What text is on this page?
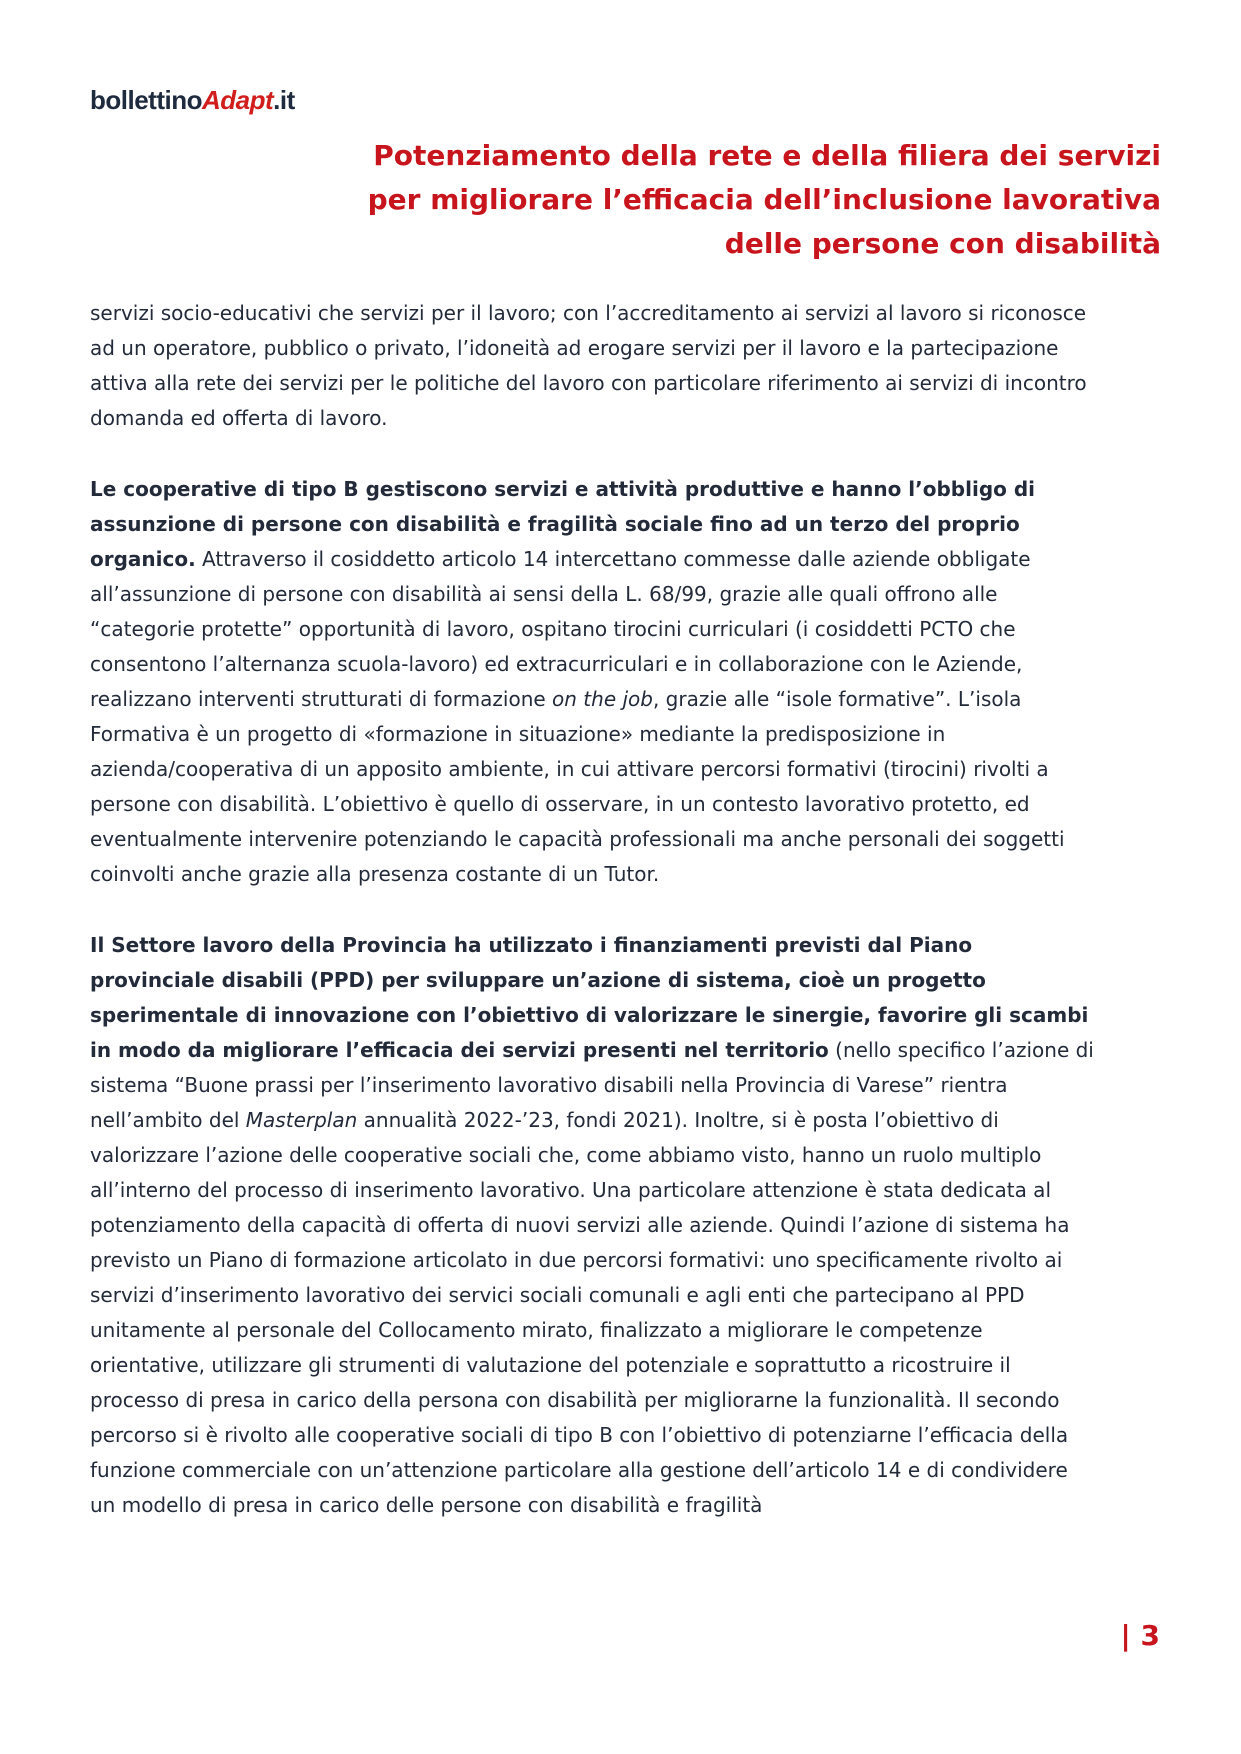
bollettinoAdapt.it
Potenziamento della rete e della filiera dei servizi
per migliorare l’efficacia dell’inclusione lavorativa
delle persone con disabilità

servizi socio-educativi che servizi per il lavoro; con l’accreditamento ai servizi al lavoro si riconosce
ad un operatore, pubblico o privato, l’idoneità ad erogare servizi per il lavoro e la partecipazione
attiva alla rete dei servizi per le politiche del lavoro con particolare riferimento ai servizi di incontro
domanda ed offerta di lavoro.

Le cooperative di tipo B gestiscono servizi e attività produttive e hanno l’obbligo di
assunzione di persone con disabilità e fragilità sociale fino ad un terzo del proprio
organico. Attraverso il cosiddetto articolo 14 intercettano commesse dalle aziende obbligate
all’assunzione di persone con disabilità ai sensi della L. 68/99, grazie alle quali offrono alle
“categorie protette” opportunità di lavoro, ospitano tirocini curriculari (i cosiddetti PCTO che
consentono l’alternanza scuola-lavoro) ed extracurriculari e in collaborazione con le Aziende,
realizzano interventi strutturati di formazione on the job, grazie alle “isole formative”. L’isola
Formativa è un progetto di «formazione in situazione» mediante la predisposizione in
azienda/cooperativa di un apposito ambiente, in cui attivare percorsi formativi (tirocini) rivolti a
persone con disabilità. L’obiettivo è quello di osservare, in un contesto lavorativo protetto, ed
eventualmente intervenire potenziando le capacità professionali ma anche personali dei soggetti
coinvolti anche grazie alla presenza costante di un Tutor.

Il Settore lavoro della Provincia ha utilizzato i finanziamenti previsti dal Piano
provinciale disabili (PPD) per sviluppare un’azione di sistema, cioè un progetto
sperimentale di innovazione con l’obiettivo di valorizzare le sinergie, favorire gli scambi
in modo da migliorare l’efficacia dei servizi presenti nel territorio (nello specifico l’azione di
sistema “Buone prassi per l’inserimento lavorativo disabili nella Provincia di Varese” rientra
nell’ambito del Masterplan annualità 2022-’23, fondi 2021). Inoltre, si è posta l’obiettivo di
valorizzare l’azione delle cooperative sociali che, come abbiamo visto, hanno un ruolo multiplo
all’interno del processo di inserimento lavorativo. Una particolare attenzione è stata dedicata al
potenziamento della capacità di offerta di nuovi servizi alle aziende. Quindi l’azione di sistema ha
previsto un Piano di formazione articolato in due percorsi formativi: uno specificamente rivolto ai
servizi d’inserimento lavorativo dei servici sociali comunali e agli enti che partecipano al PPD
unitamente al personale del Collocamento mirato, finalizzato a migliorare le competenze
orientative, utilizzare gli strumenti di valutazione del potenziale e soprattutto a ricostruire il
processo di presa in carico della persona con disabilità per migliorarne la funzionalità. Il secondo
percorso si è rivolto alle cooperative sociali di tipo B con l’obiettivo di potenziarne l’efficacia della
funzione commerciale con un’attenzione particolare alla gestione dell’articolo 14 e di condividere
un modello di presa in carico delle persone con disabilità e fragilità

| 3
